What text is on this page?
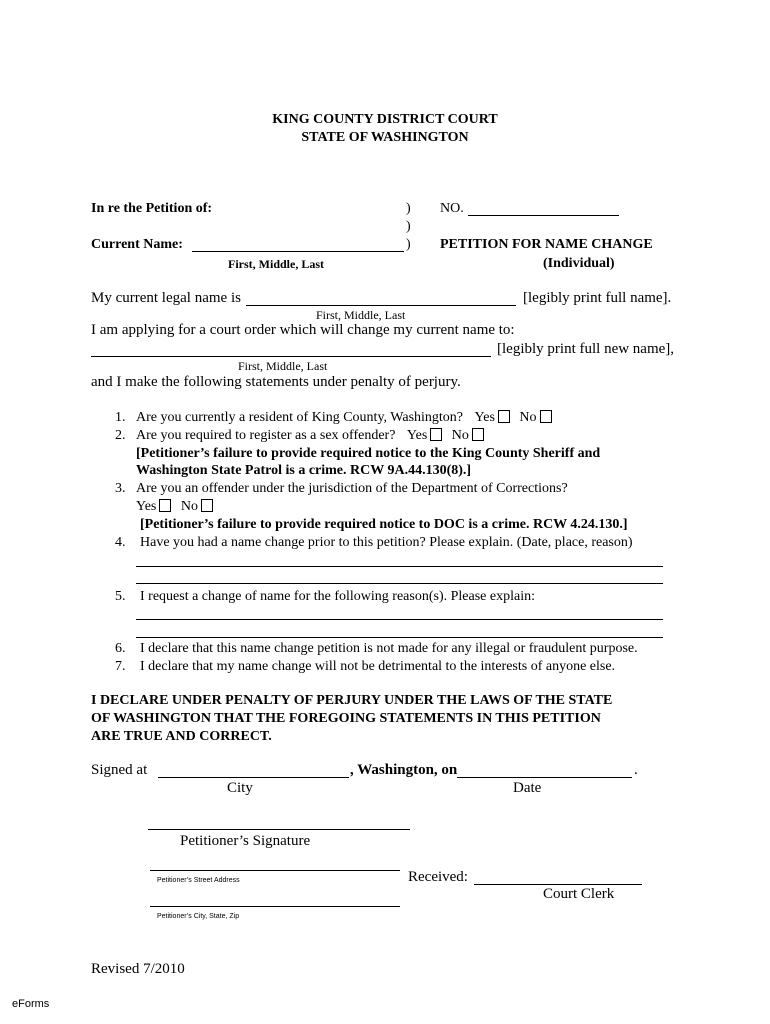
KING COUNTY DISTRICT COURT
STATE OF WASHINGTON
In re the Petition of:	)
)
)
NO.
Current Name:
First, Middle, Last
PETITION FOR NAME CHANGE
(Individual)
My current legal name is	[legibly print full name].
First, Middle, Last
I am applying for a court order which will change my current name to:
[legibly print full new name],
First, Middle, Last
and I make the following statements under penalty of perjury.
1. Are you currently a resident of King County, Washington? Yes No
2. Are you required to register as a sex offender? Yes No
[Petitioner’s failure to provide required notice to the King County Sheriff and
Washington State Patrol is a crime. RCW 9A.44.130(8).]
3. Are you an offender under the jurisdiction of the Department of Corrections?
Yes No
[Petitioner’s failure to provide required notice to DOC is a crime. RCW 4.24.130.]
4. Have you had a name change prior to this petition? Please explain. (Date, place, reason)
5. I request a change of name for the following reason(s). Please explain:
6. I declare that this name change petition is not made for any illegal or fraudulent purpose.
7. I declare that my name change will not be detrimental to the interests of anyone else.
I DECLARE UNDER PENALTY OF PERJURY UNDER THE LAWS OF THE STATE
OF WASHINGTON THAT THE FOREGOING STATEMENTS IN THIS PETITION
ARE TRUE AND CORRECT.
Signed at	, Washington, on	.
City	Date
Petitioner’s Signature
Petitioner’s Street Address	Received:
Court Clerk
Petitioner’s City, State, Zip
Revised 7/2010
eForms
